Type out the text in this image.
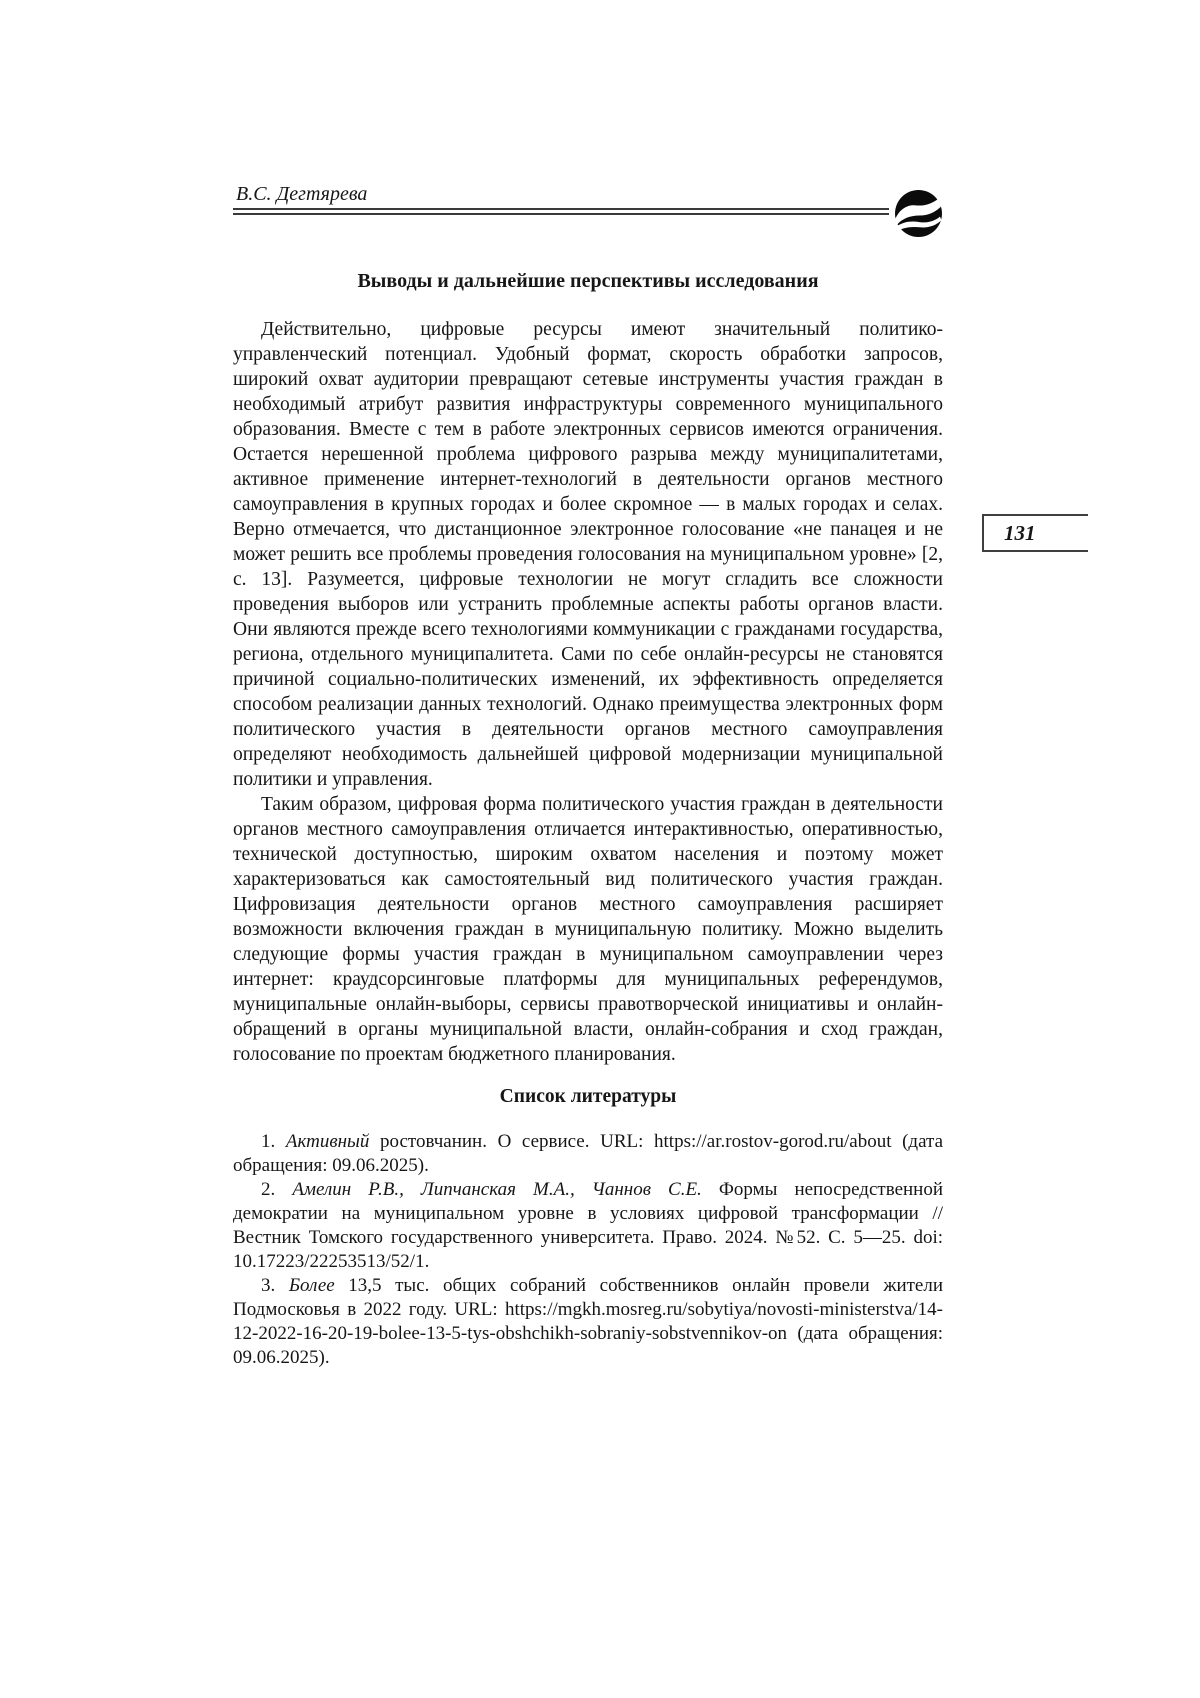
В.С. Дегтярева
Выводы и дальнейшие перспективы исследования

Действительно, цифровые ресурсы имеют значительный политико-управленческий потенциал. Удобный формат, скорость обработки запросов, широкий охват аудитории превращают сетевые инструменты участия граждан в необходимый атрибут развития инфраструктуры современного муниципального образования. Вместе с тем в работе электронных сервисов имеются ограничения. Остается нерешенной проблема цифрового разрыва между муниципалитетами, активное применение интернет-технологий в деятельности органов местного самоуправления в крупных городах и более скромное — в малых городах и селах. Верно отмечается, что дистанционное электронное голосование «не панацея и не может решить все проблемы проведения голосования на муниципальном уровне» [2, с. 13]. Разумеется, цифровые технологии не могут сгладить все сложности проведения выборов или устранить проблемные аспекты работы органов власти. Они являются прежде всего технологиями коммуникации с гражданами государства, региона, отдельного муниципалитета. Сами по себе онлайн-ресурсы не становятся причиной социально-политических изменений, их эффективность определяется способом реализации данных технологий. Однако преимущества электронных форм политического участия в деятельности органов местного самоуправления определяют необходимость дальнейшей цифровой модернизации муниципальной политики и управления.

Таким образом, цифровая форма политического участия граждан в деятельности органов местного самоуправления отличается интерактивностью, оперативностью, технической доступностью, широким охватом населения и поэтому может характеризоваться как самостоятельный вид политического участия граждан. Цифровизация деятельности органов местного самоуправления расширяет возможности включения граждан в муниципальную политику. Можно выделить следующие формы участия граждан в муниципальном самоуправлении через интернет: краудсорсинговые платформы для муниципальных референдумов, муниципальные онлайн-выборы, сервисы правотворческой инициативы и онлайн-обращений в органы муниципальной власти, онлайн-собрания и сход граждан, голосование по проектам бюджетного планирования.

Список литературы

1. Активный ростовчанин. О сервисе. URL: https://ar.rostov-gorod.ru/about (дата обращения: 09.06.2025).

2. Амелин Р.В., Липчанская М.А., Чаннов С.Е. Формы непосредственной демократии на муниципальном уровне в условиях цифровой трансформации // Вестник Томского государственного университета. Право. 2024. №52. С. 5—25. doi: 10.17223/22253513/52/1.

3. Более 13,5 тыс. общих собраний собственников онлайн провели жители Подмосковья в 2022 году. URL: https://mgkh.mosreg.ru/sobytiya/novosti-ministerstva/14-12-2022-16-20-19-bolee-13-5-tys-obshchikh-sobraniy-sobstvennikov-on (дата обращения: 09.06.2025).

131
